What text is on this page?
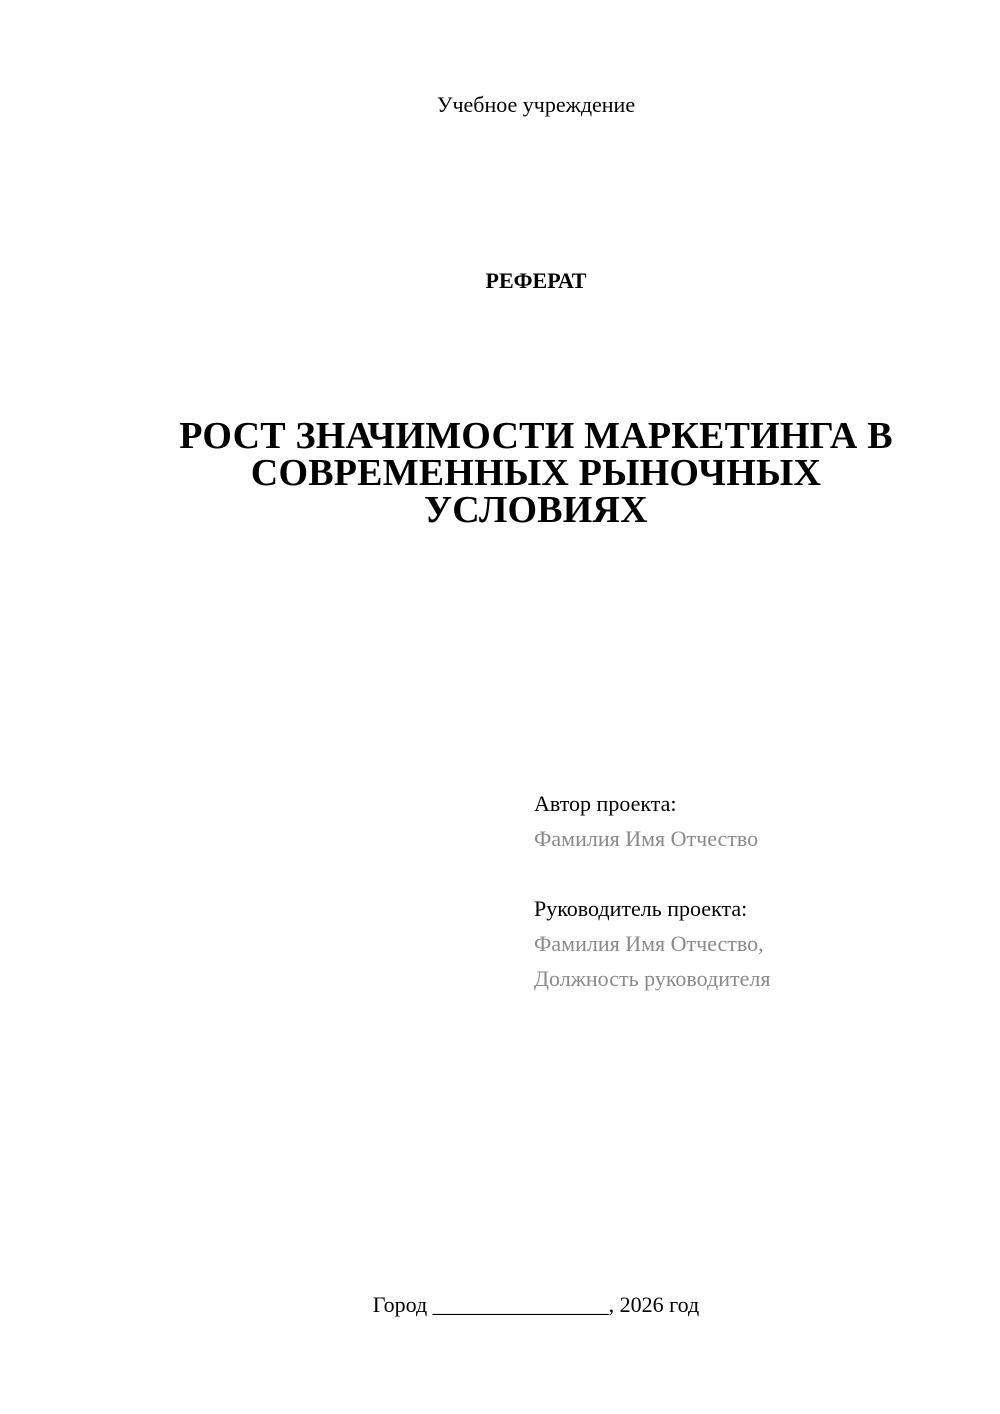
Учебное учреждение
РЕФЕРАТ
РОСТ ЗНАЧИМОСТИ МАРКЕТИНГА В СОВРЕМЕННЫХ РЫНОЧНЫХ УСЛОВИЯХ
Автор проекта:
Фамилия Имя Отчество
Руководитель проекта:
Фамилия Имя Отчество,
Должность руководителя
Город ________________, 2026 год
